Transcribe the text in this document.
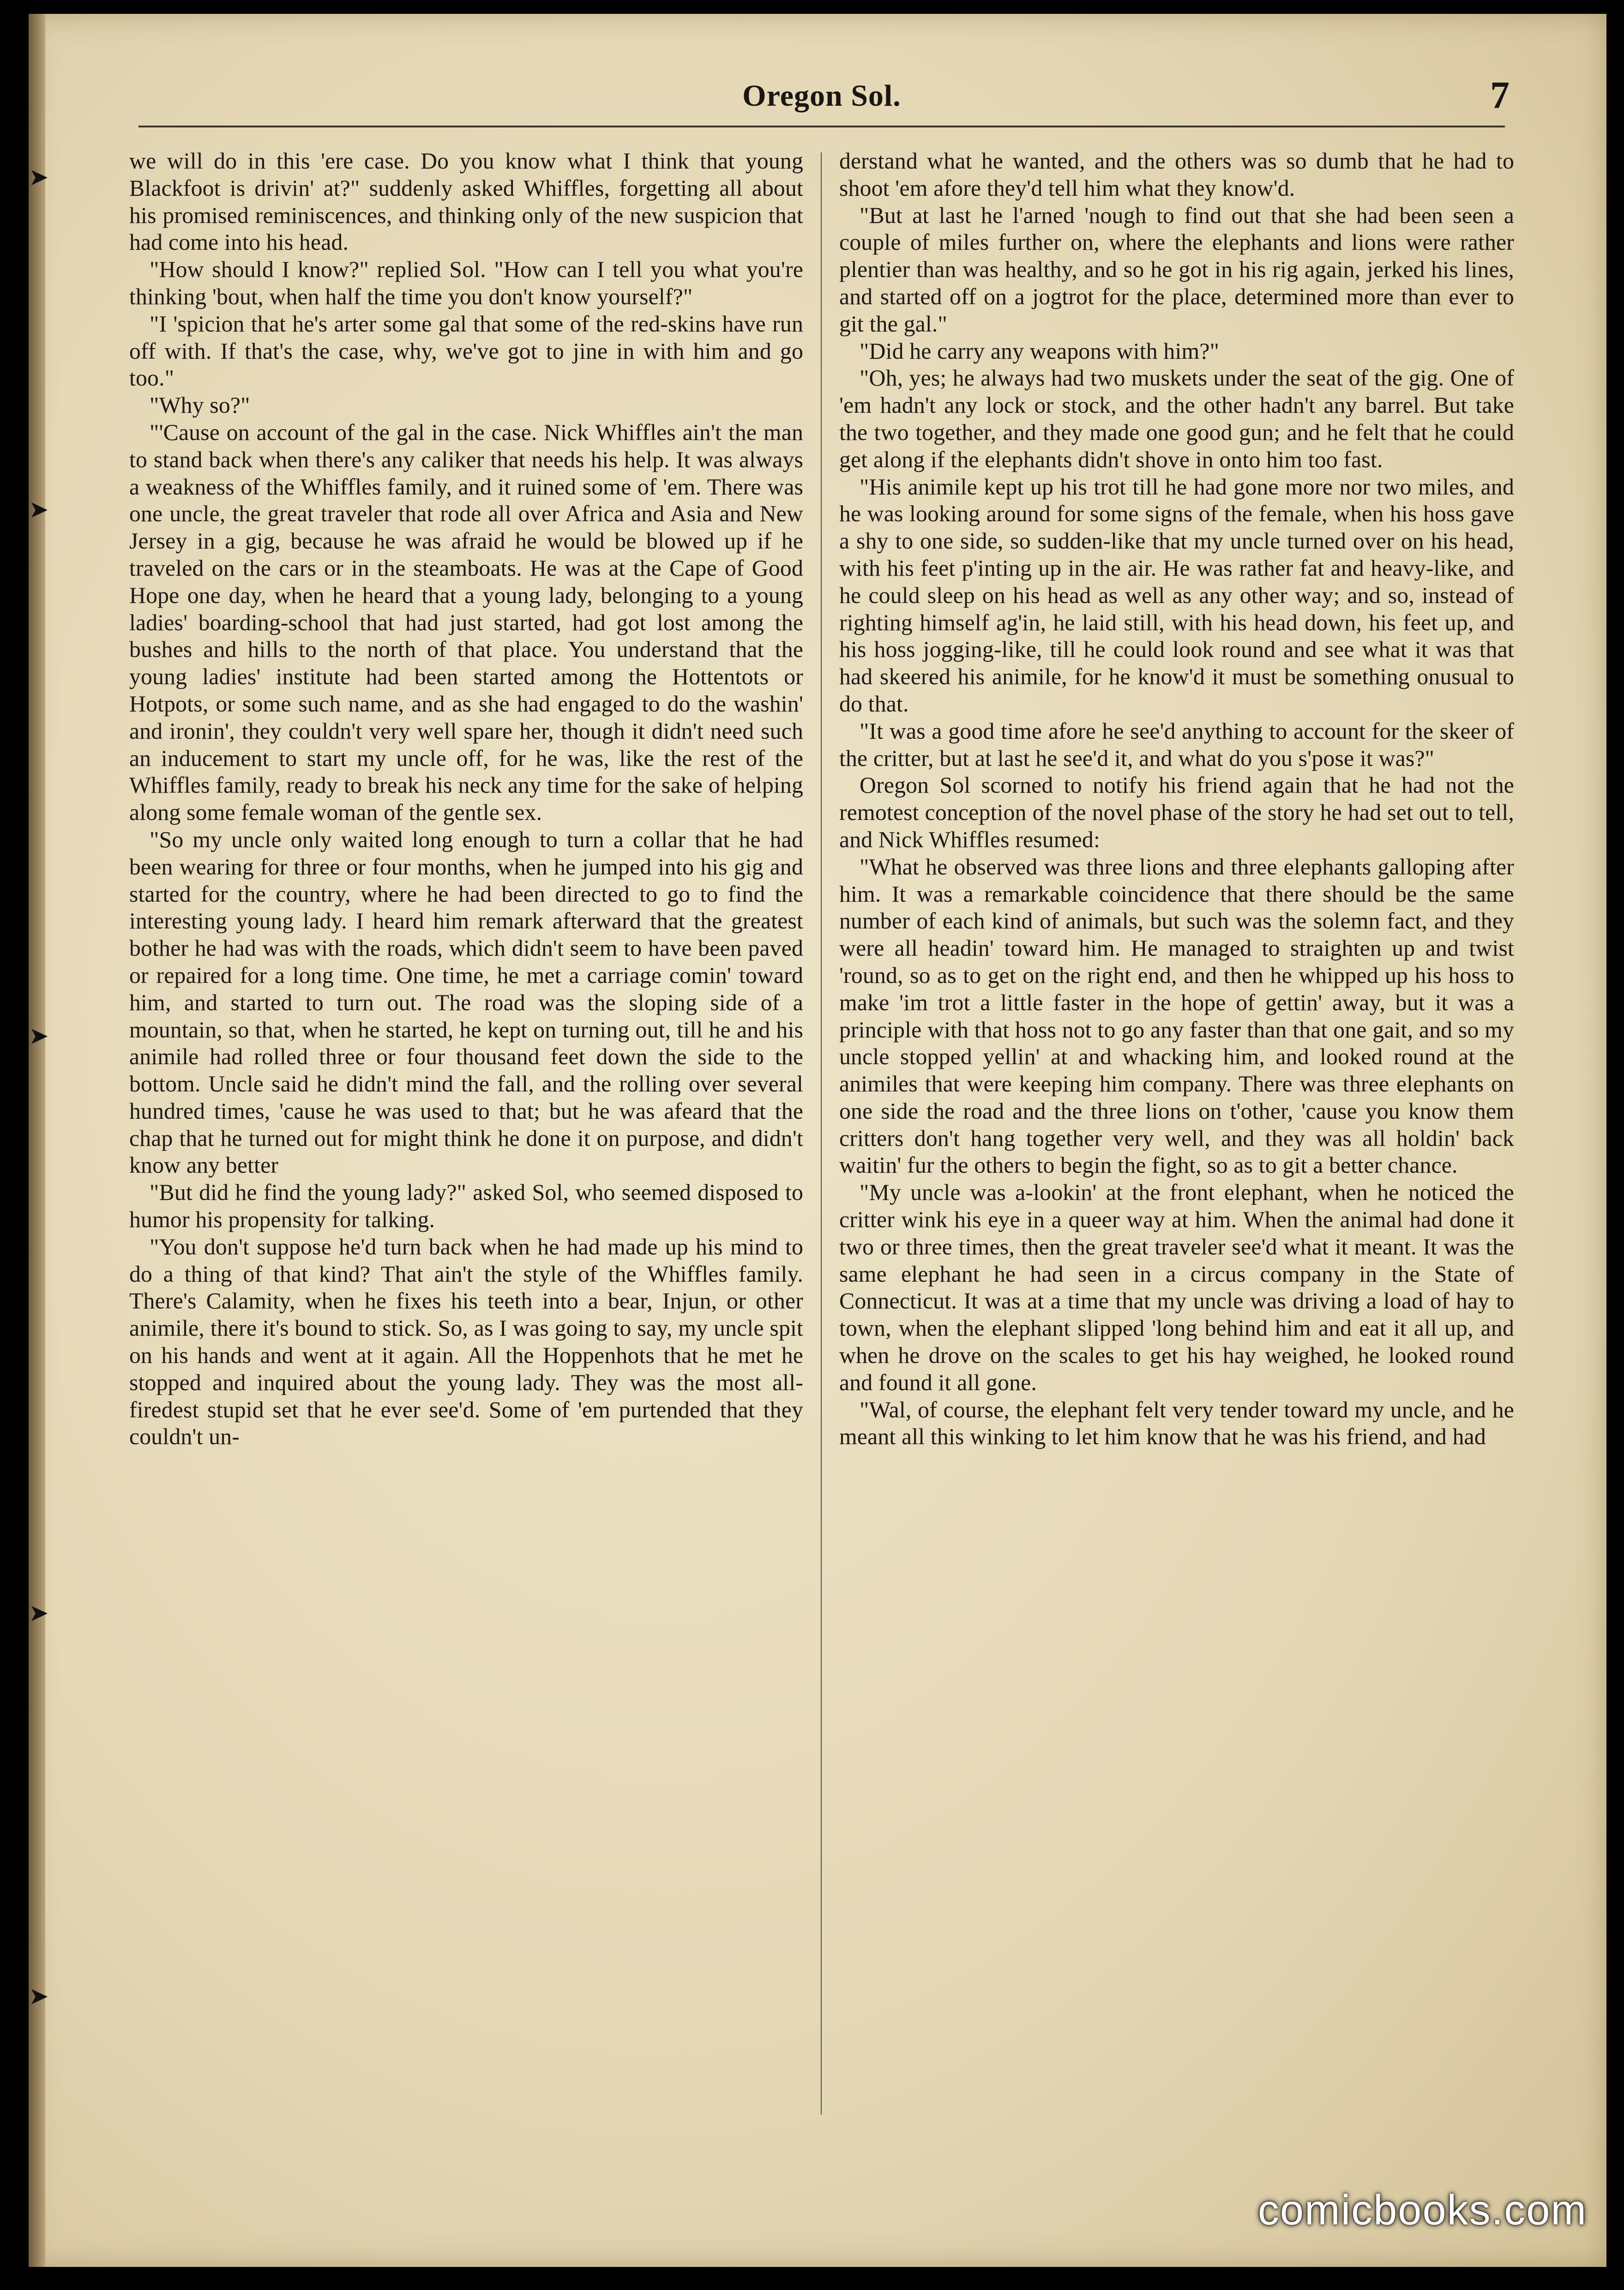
➤
➤
➤
➤
➤
Oregon Sol.	7

we will do in this 'ere case. Do you know what I think that young Blackfoot is drivin' at?" suddenly asked Whiffles, forgetting all about his promised reminiscences, and thinking only of the new suspicion that had come into his head.

"How should I know?" replied Sol. "How can I tell you what you're thinking 'bout, when half the time you don't know yourself?"

"I 'spicion that he's arter some gal that some of the red-skins have run off with. If that's the case, why, we've got to jine in with him and go too."

"Why so?"

"'Cause on account of the gal in the case. Nick Whiffles ain't the man to stand back when there's any caliker that needs his help. It was always a weakness of the Whiffles family, and it ruined some of 'em. There was one uncle, the great traveler that rode all over Africa and Asia and New Jersey in a gig, because he was afraid he would be blowed up if he traveled on the cars or in the steamboats. He was at the Cape of Good Hope one day, when he heard that a young lady, belonging to a young ladies' boarding-school that had just started, had got lost among the bushes and hills to the north of that place. You understand that the young ladies' institute had been started among the Hottentots or Hotpots, or some such name, and as she had engaged to do the washin' and ironin', they couldn't very well spare her, though it didn't need such an inducement to start my uncle off, for he was, like the rest of the Whiffles family, ready to break his neck any time for the sake of helping along some female woman of the gentle sex.

"So my uncle only waited long enough to turn a collar that he had been wearing for three or four months, when he jumped into his gig and started for the country, where he had been directed to go to find the interesting young lady. I heard him remark afterward that the greatest bother he had was with the roads, which didn't seem to have been paved or repaired for a long time. One time, he met a carriage comin' toward him, and started to turn out. The road was the sloping side of a mountain, so that, when he started, he kept on turning out, till he and his animile had rolled three or four thousand feet down the side to the bottom. Uncle said he didn't mind the fall, and the rolling over several hundred times, 'cause he was used to that; but he was afeard that the chap that he turned out for might think he done it on purpose, and didn't know any better

"But did he find the young lady?" asked Sol, who seemed disposed to humor his propensity for talking.

"You don't suppose he'd turn back when he had made up his mind to do a thing of that kind? That ain't the style of the Whiffles family. There's Calamity, when he fixes his teeth into a bear, Injun, or other animile, there it's bound to stick. So, as I was going to say, my uncle spit on his hands and went at it again. All the Hoppenhots that he met he stopped and inquired about the young lady. They was the most all-firedest stupid set that he ever see'd. Some of 'em purtended that they couldn't un-

derstand what he wanted, and the others was so dumb that he had to shoot 'em afore they'd tell him what they know'd.

"But at last he l'arned 'nough to find out that she had been seen a couple of miles further on, where the elephants and lions were rather plentier than was healthy, and so he got in his rig again, jerked his lines, and started off on a jogtrot for the place, determined more than ever to git the gal."

"Did he carry any weapons with him?"

"Oh, yes; he always had two muskets under the seat of the gig. One of 'em hadn't any lock or stock, and the other hadn't any barrel. But take the two together, and they made one good gun; and he felt that he could get along if the elephants didn't shove in onto him too fast.

"His animile kept up his trot till he had gone more nor two miles, and he was looking around for some signs of the female, when his hoss gave a shy to one side, so sudden-like that my uncle turned over on his head, with his feet p'inting up in the air. He was rather fat and heavy-like, and he could sleep on his head as well as any other way; and so, instead of righting himself ag'in, he laid still, with his head down, his feet up, and his hoss jogging-like, till he could look round and see what it was that had skeered his animile, for he know'd it must be something onusual to do that.

"It was a good time afore he see'd anything to account for the skeer of the critter, but at last he see'd it, and what do you s'pose it was?"

Oregon Sol scorned to notify his friend again that he had not the remotest conception of the novel phase of the story he had set out to tell, and Nick Whiffles resumed:

"What he observed was three lions and three elephants galloping after him. It was a remarkable coincidence that there should be the same number of each kind of animals, but such was the solemn fact, and they were all headin' toward him. He managed to straighten up and twist 'round, so as to get on the right end, and then he whipped up his hoss to make 'im trot a little faster in the hope of gettin' away, but it was a principle with that hoss not to go any faster than that one gait, and so my uncle stopped yellin' at and whacking him, and looked round at the animiles that were keeping him company. There was three elephants on one side the road and the three lions on t'other, 'cause you know them critters don't hang together very well, and they was all holdin' back waitin' fur the others to begin the fight, so as to git a better chance.

"My uncle was a-lookin' at the front elephant, when he noticed the critter wink his eye in a queer way at him. When the animal had done it two or three times, then the great traveler see'd what it meant. It was the same elephant he had seen in a circus company in the State of Connecticut. It was at a time that my uncle was driving a load of hay to town, when the elephant slipped 'long behind him and eat it all up, and when he drove on the scales to get his hay weighed, he looked round and found it all gone.

"Wal, of course, the elephant felt very tender toward my uncle, and he meant all this winking to let him know that he was his friend, and had

comicbooks.com
